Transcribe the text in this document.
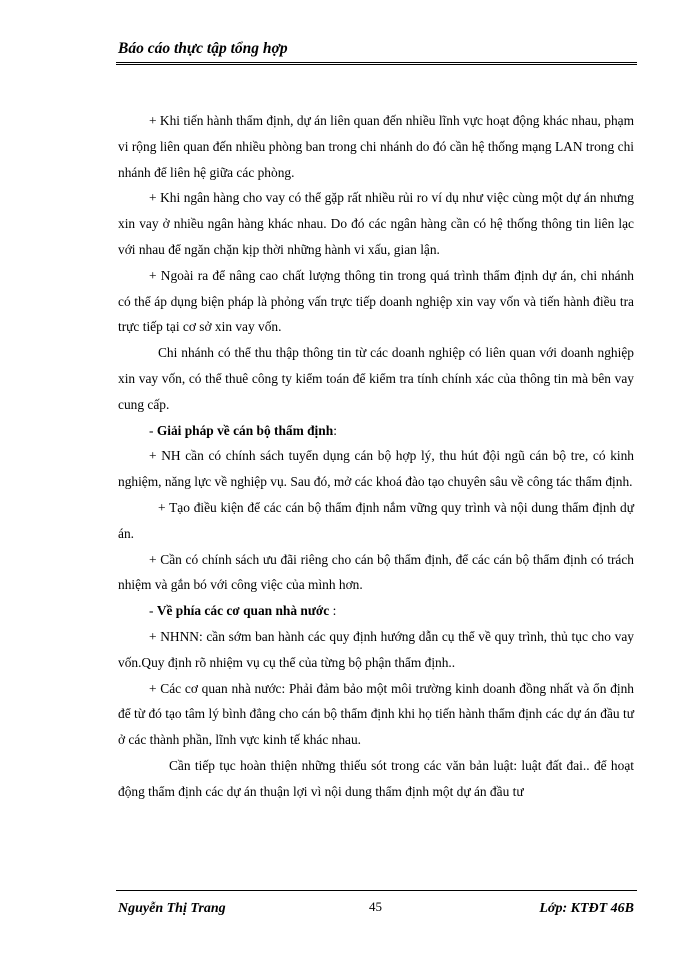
Báo cáo thực tập tổng hợp

+ Khi tiến hành thẩm định, dự án liên quan đến nhiều lĩnh vực hoạt động khác nhau, phạm vi rộng liên quan đến nhiều phòng ban trong chi nhánh do đó cần hệ thống mạng LAN trong chi nhánh để liên hệ giữa các phòng.

+ Khi ngân hàng cho vay có thể gặp rất nhiều rủi ro ví dụ như việc cùng một dự án nhưng xin vay ở nhiều ngân hàng khác nhau. Do đó các ngân hàng cần có hệ thống thông tin liên lạc với nhau để ngăn chặn kịp thời những hành vi xấu, gian lận.

+ Ngoài ra để nâng cao chất lượng thông tin trong quá trình thẩm định dự án, chi nhánh có thể áp dụng biện pháp là phỏng vấn trực tiếp doanh nghiệp xin vay vốn và tiến hành điều tra trực tiếp tại cơ sở xin vay vốn.

Chi nhánh có thể thu thập thông tin từ các doanh nghiệp có liên quan với doanh nghiệp xin vay vốn, có thể thuê công ty kiểm toán để kiểm tra tính chính xác của thông tin mà bên vay cung cấp.

- Giải pháp về cán bộ thẩm định:

+ NH cần có chính sách tuyển dụng cán bộ hợp lý, thu hút đội ngũ cán bộ tre, có kinh nghiệm, năng lực về nghiệp vụ. Sau đó, mở các khoá đào tạo chuyên sâu về công tác thẩm định.

+ Tạo điều kiện để các cán bộ thẩm định nắm vững quy trình và nội dung thẩm định dự án.

+ Cần có chính sách ưu đãi riêng cho cán bộ thẩm định, để các cán bộ thẩm định có trách nhiệm và gắn bó với công việc của mình hơn.

- Về phía các cơ quan nhà nước :

+ NHNN: cần sớm ban hành các quy định hướng dẫn cụ thể về quy trình, thủ tục cho vay vốn.Quy định rõ nhiệm vụ cụ thể của từng bộ phận thẩm định..

+ Các cơ quan nhà nước: Phải đảm bảo một môi trường kinh doanh đồng nhất và ổn định để từ đó tạo tâm lý bình đẳng cho cán bộ thẩm định khi họ tiến hành thẩm định các dự án đầu tư ở các thành phần, lĩnh vực kinh tế khác nhau.

Cần tiếp tục hoàn thiện những thiếu sót trong các văn bản luật: luật đất đai.. để hoạt động thẩm định các dự án thuận lợi vì nội dung thẩm định một dự án đầu tư

Nguyễn Thị Trang	45	Lớp: KTĐT 46B
